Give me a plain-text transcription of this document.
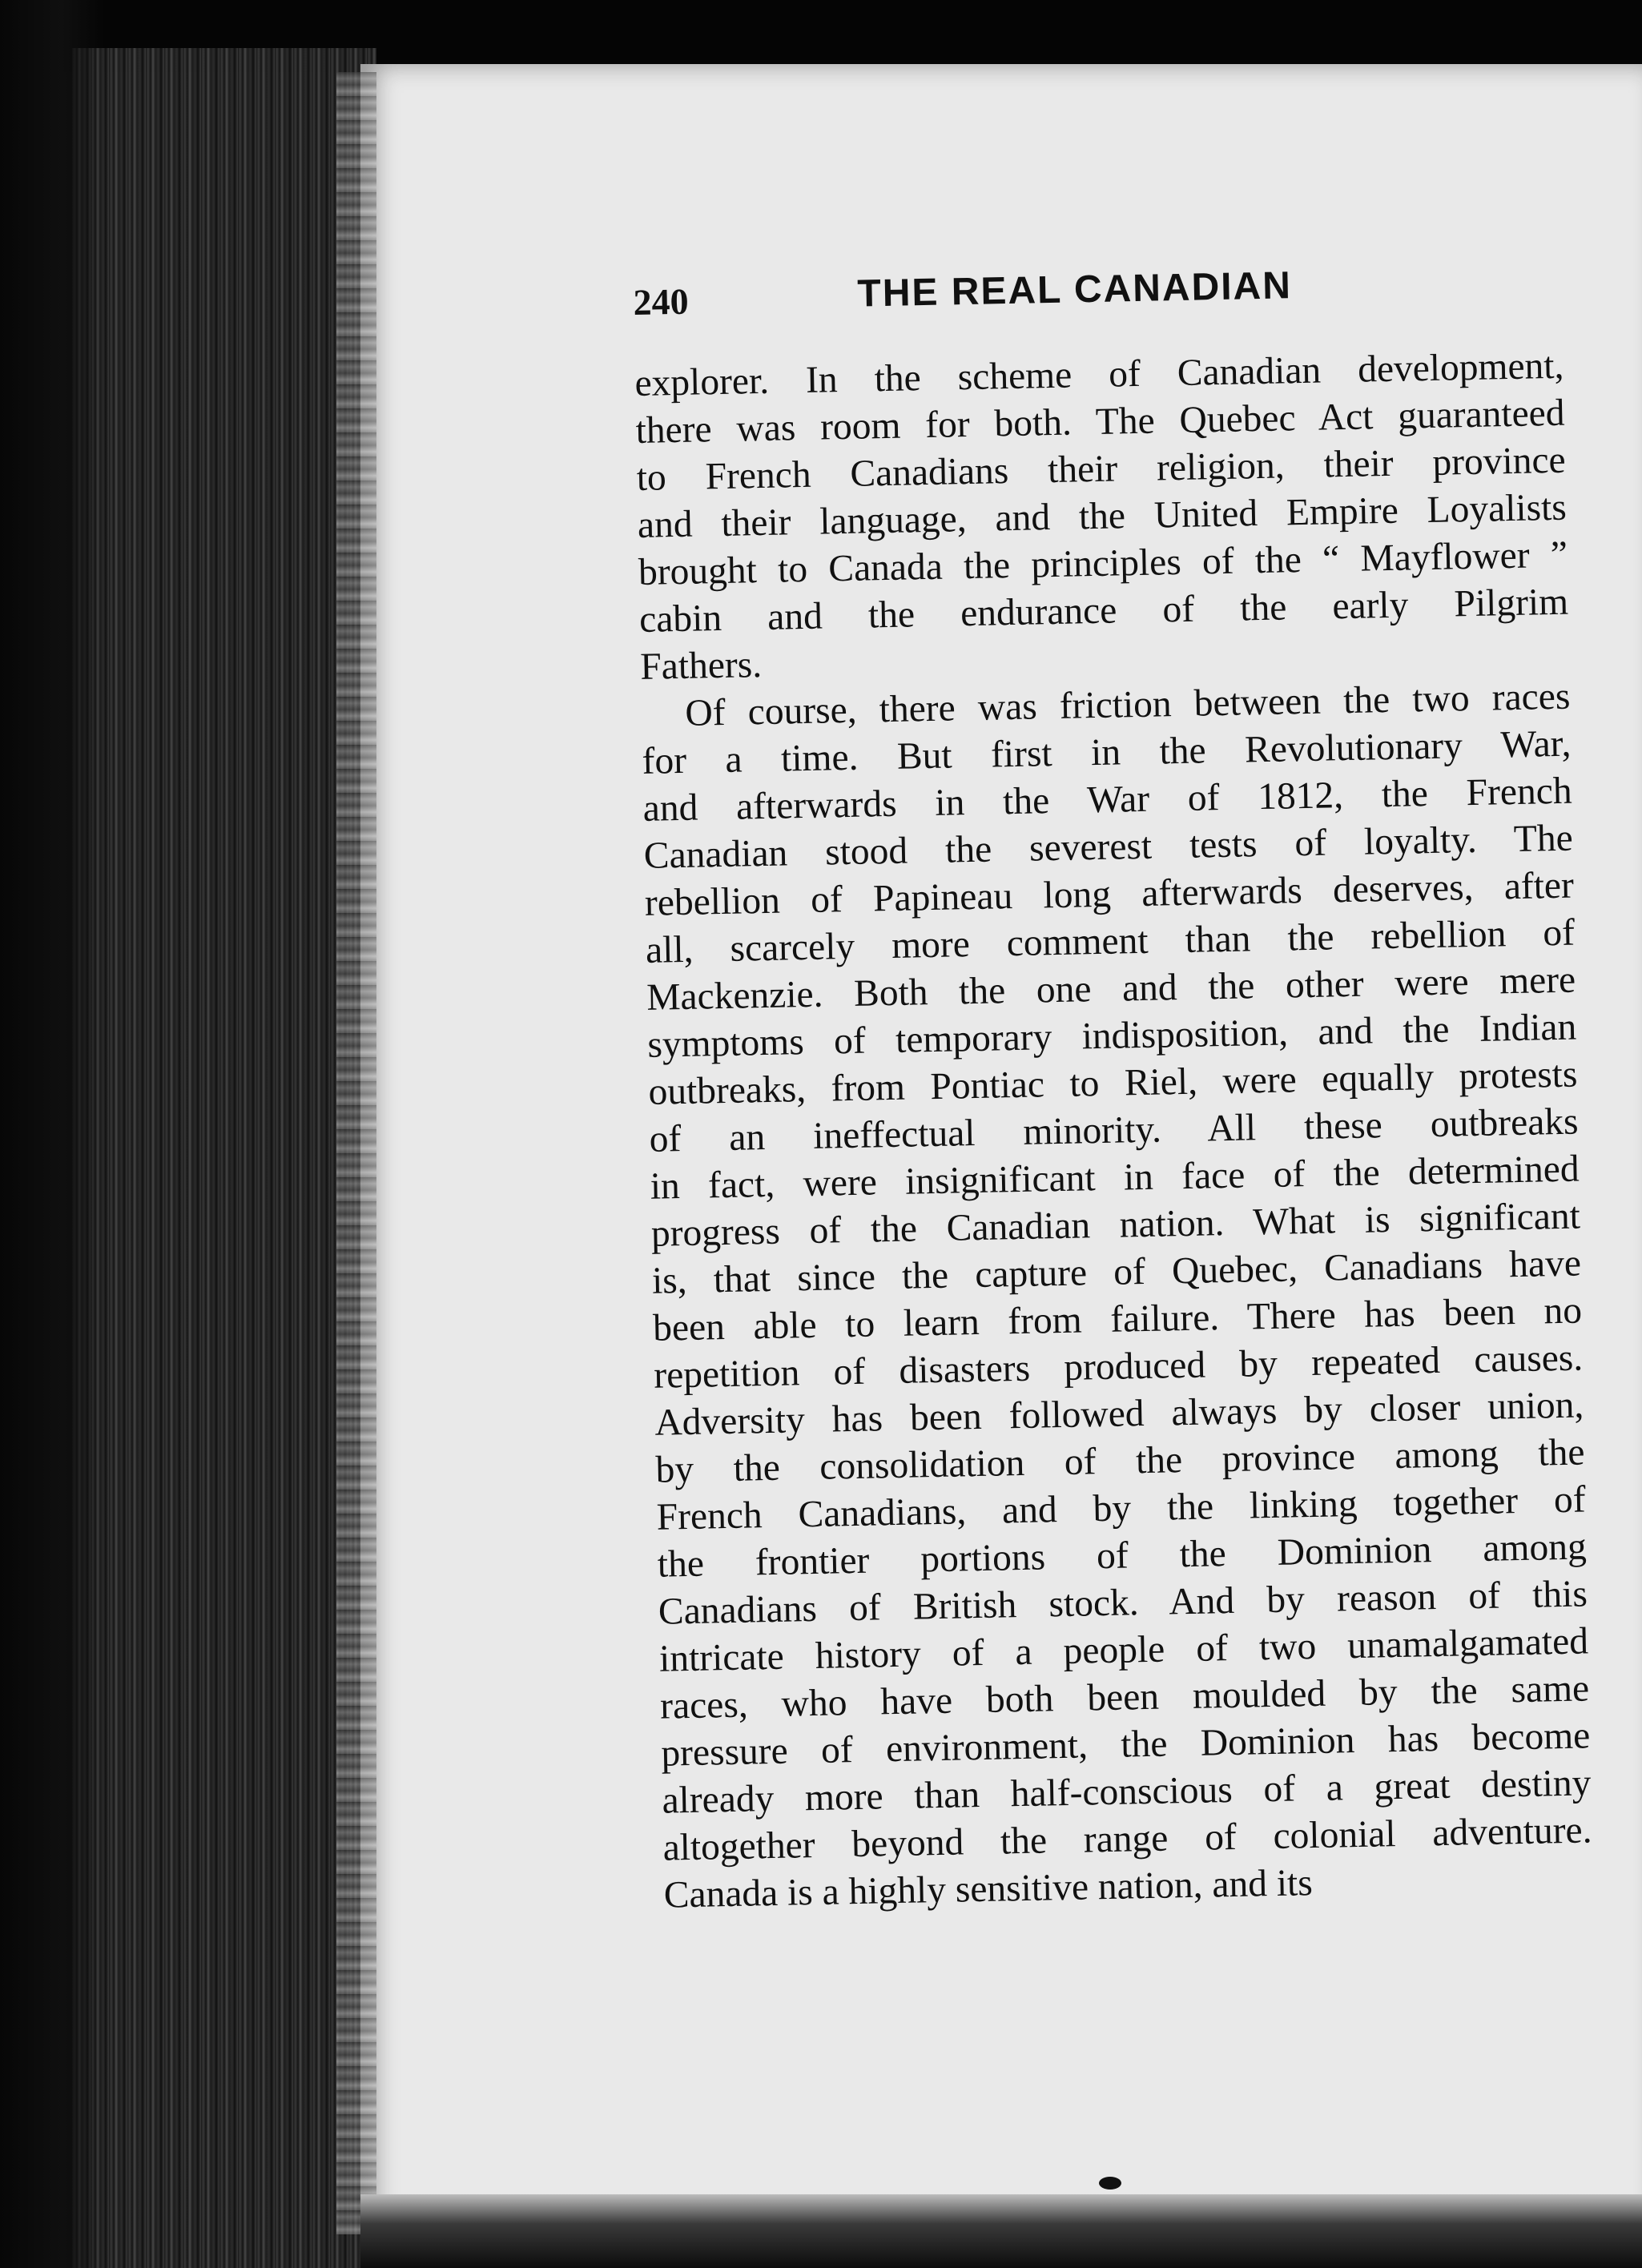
240	THE REAL CANADIAN
explorer. In the scheme of Canadian development,
there was room for both. The Quebec Act guaranteed
to French Canadians their religion, their province
and their language, and the United Empire Loyalists
brought to Canada the principles of the “ Mayflower ”
cabin and the endurance of the early Pilgrim
Fathers.
Of course, there was friction between the two races
for a time. But first in the Revolutionary War,
and afterwards in the War of 1812, the French
Canadian stood the severest tests of loyalty. The
rebellion of Papineau long afterwards deserves, after
all, scarcely more comment than the rebellion of
Mackenzie. Both the one and the other were mere
symptoms of temporary indisposition, and the Indian
outbreaks, from Pontiac to Riel, were equally protests
of an ineffectual minority. All these outbreaks
in fact, were insignificant in face of the determined
progress of the Canadian nation. What is significant
is, that since the capture of Quebec, Canadians have
been able to learn from failure. There has been no
repetition of disasters produced by repeated causes.
Adversity has been followed always by closer union,
by the consolidation of the province among the
French Canadians, and by the linking together of
the frontier portions of the Dominion among
Canadians of British stock. And by reason of this
intricate history of a people of two unamalgamated
races, who have both been moulded by the same
pressure of environment, the Dominion has become
already more than half-conscious of a great destiny
altogether beyond the range of colonial adventure.
Canada is a highly sensitive nation, and its
